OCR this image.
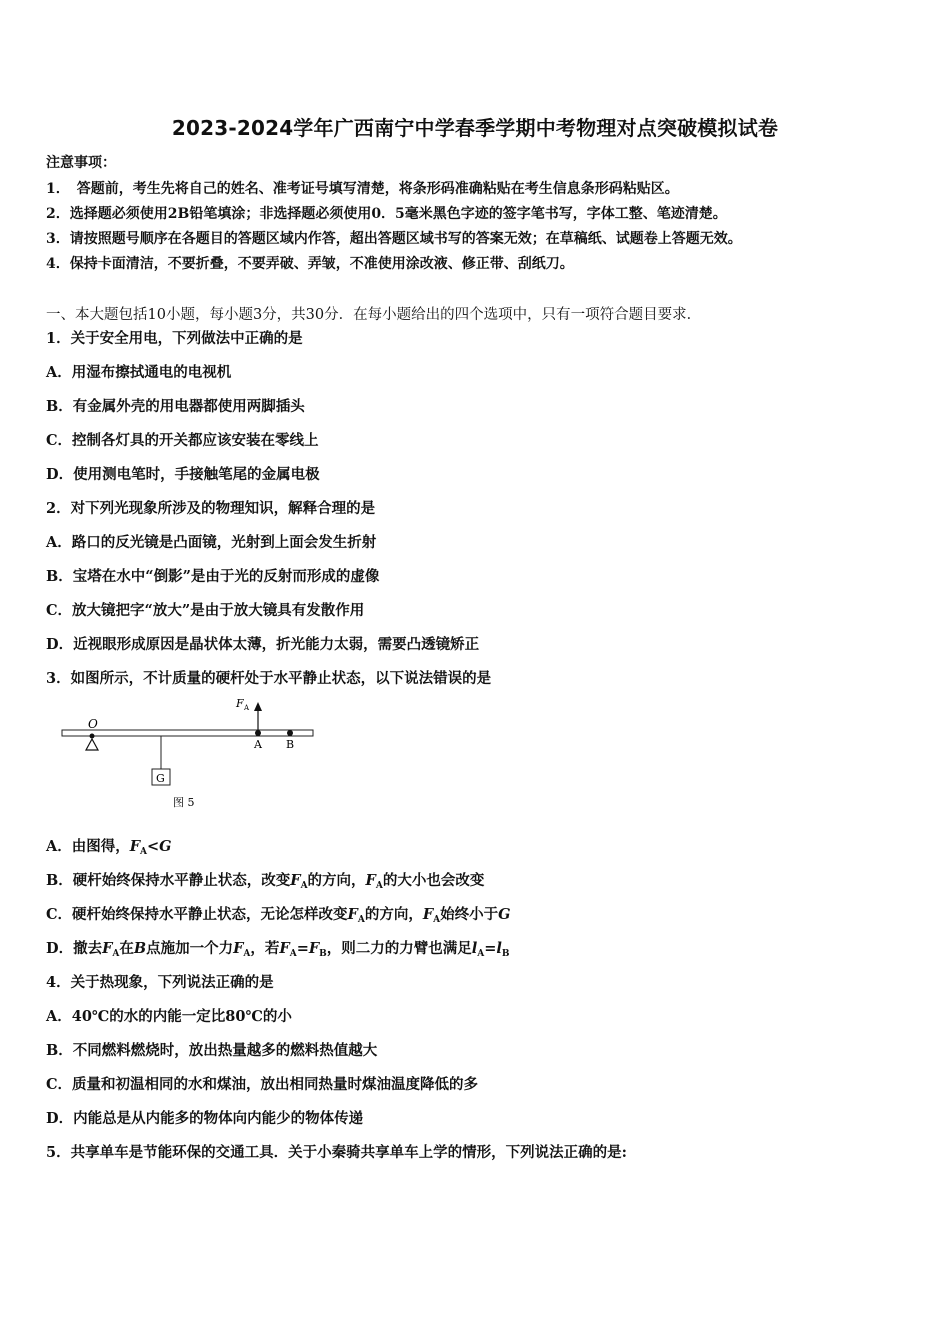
2023-2024学年广西南宁中学春季学期中考物理对点突破模拟试卷
注意事项：
1．　答题前，考生先将自己的姓名、准考证号填写清楚，将条形码准确粘贴在考生信息条形码粘贴区。
2．选择题必须使用2B铅笔填涂；非选择题必须使用0．5毫米黑色字迹的签字笔书写，字体工整、笔迹清楚。
3．请按照题号顺序在各题目的答题区域内作答，超出答题区域书写的答案无效；在草稿纸、试题卷上答题无效。
4．保持卡面清洁，不要折叠，不要弄破、弄皱，不准使用涂改液、修正带、刮纸刀。
一、本大题包括10小题，每小题3分，共30分．在每小题给出的四个选项中，只有一项符合题目要求．
1．关于安全用电，下列做法中正确的是
A．用湿布擦拭通电的电视机
B．有金属外壳的用电器都使用两脚插头
C．控制各灯具的开关都应该安装在零线上
D．使用测电笔时，手接触笔尾的金属电极
2．对下列光现象所涉及的物理知识，解释合理的是
A．路口的反光镜是凸面镜，光射到上面会发生折射
B．宝塔在水中“倒影”是由于光的反射而形成的虚像
C．放大镜把字“放大”是由于放大镜具有发散作用
D．近视眼形成原因是晶状体太薄，折光能力太弱，需要凸透镜矫正
3．如图所示，不计质量的硬杆处于水平静止状态，以下说法错误的是
O
G
F A
A B
图 5
A．由图得，$F_A<G$
B．硬杆始终保持水平静止状态，改变$F_A$的方向，$F_A$的大小也会改变
C．硬杆始终保持水平静止状态，无论怎样改变$F_A$的方向，$F_A$始终小于G
D．撤去$F_A$在B点施加一个力$F_A$，若$F_A=F_B$，则二力的力臂也满足$l_A=l_B$
4．关于热现象，下列说法正确的是
A．40℃的水的内能一定比80℃的小
B．不同燃料燃烧时，放出热量越多的燃料热值越大
C．质量和初温相同的水和煤油，放出相同热量时煤油温度降低的多
D．内能总是从内能多的物体向内能少的物体传递
5．共享单车是节能环保的交通工具．关于小秦骑共享单车上学的情形，下列说法正确的是:
